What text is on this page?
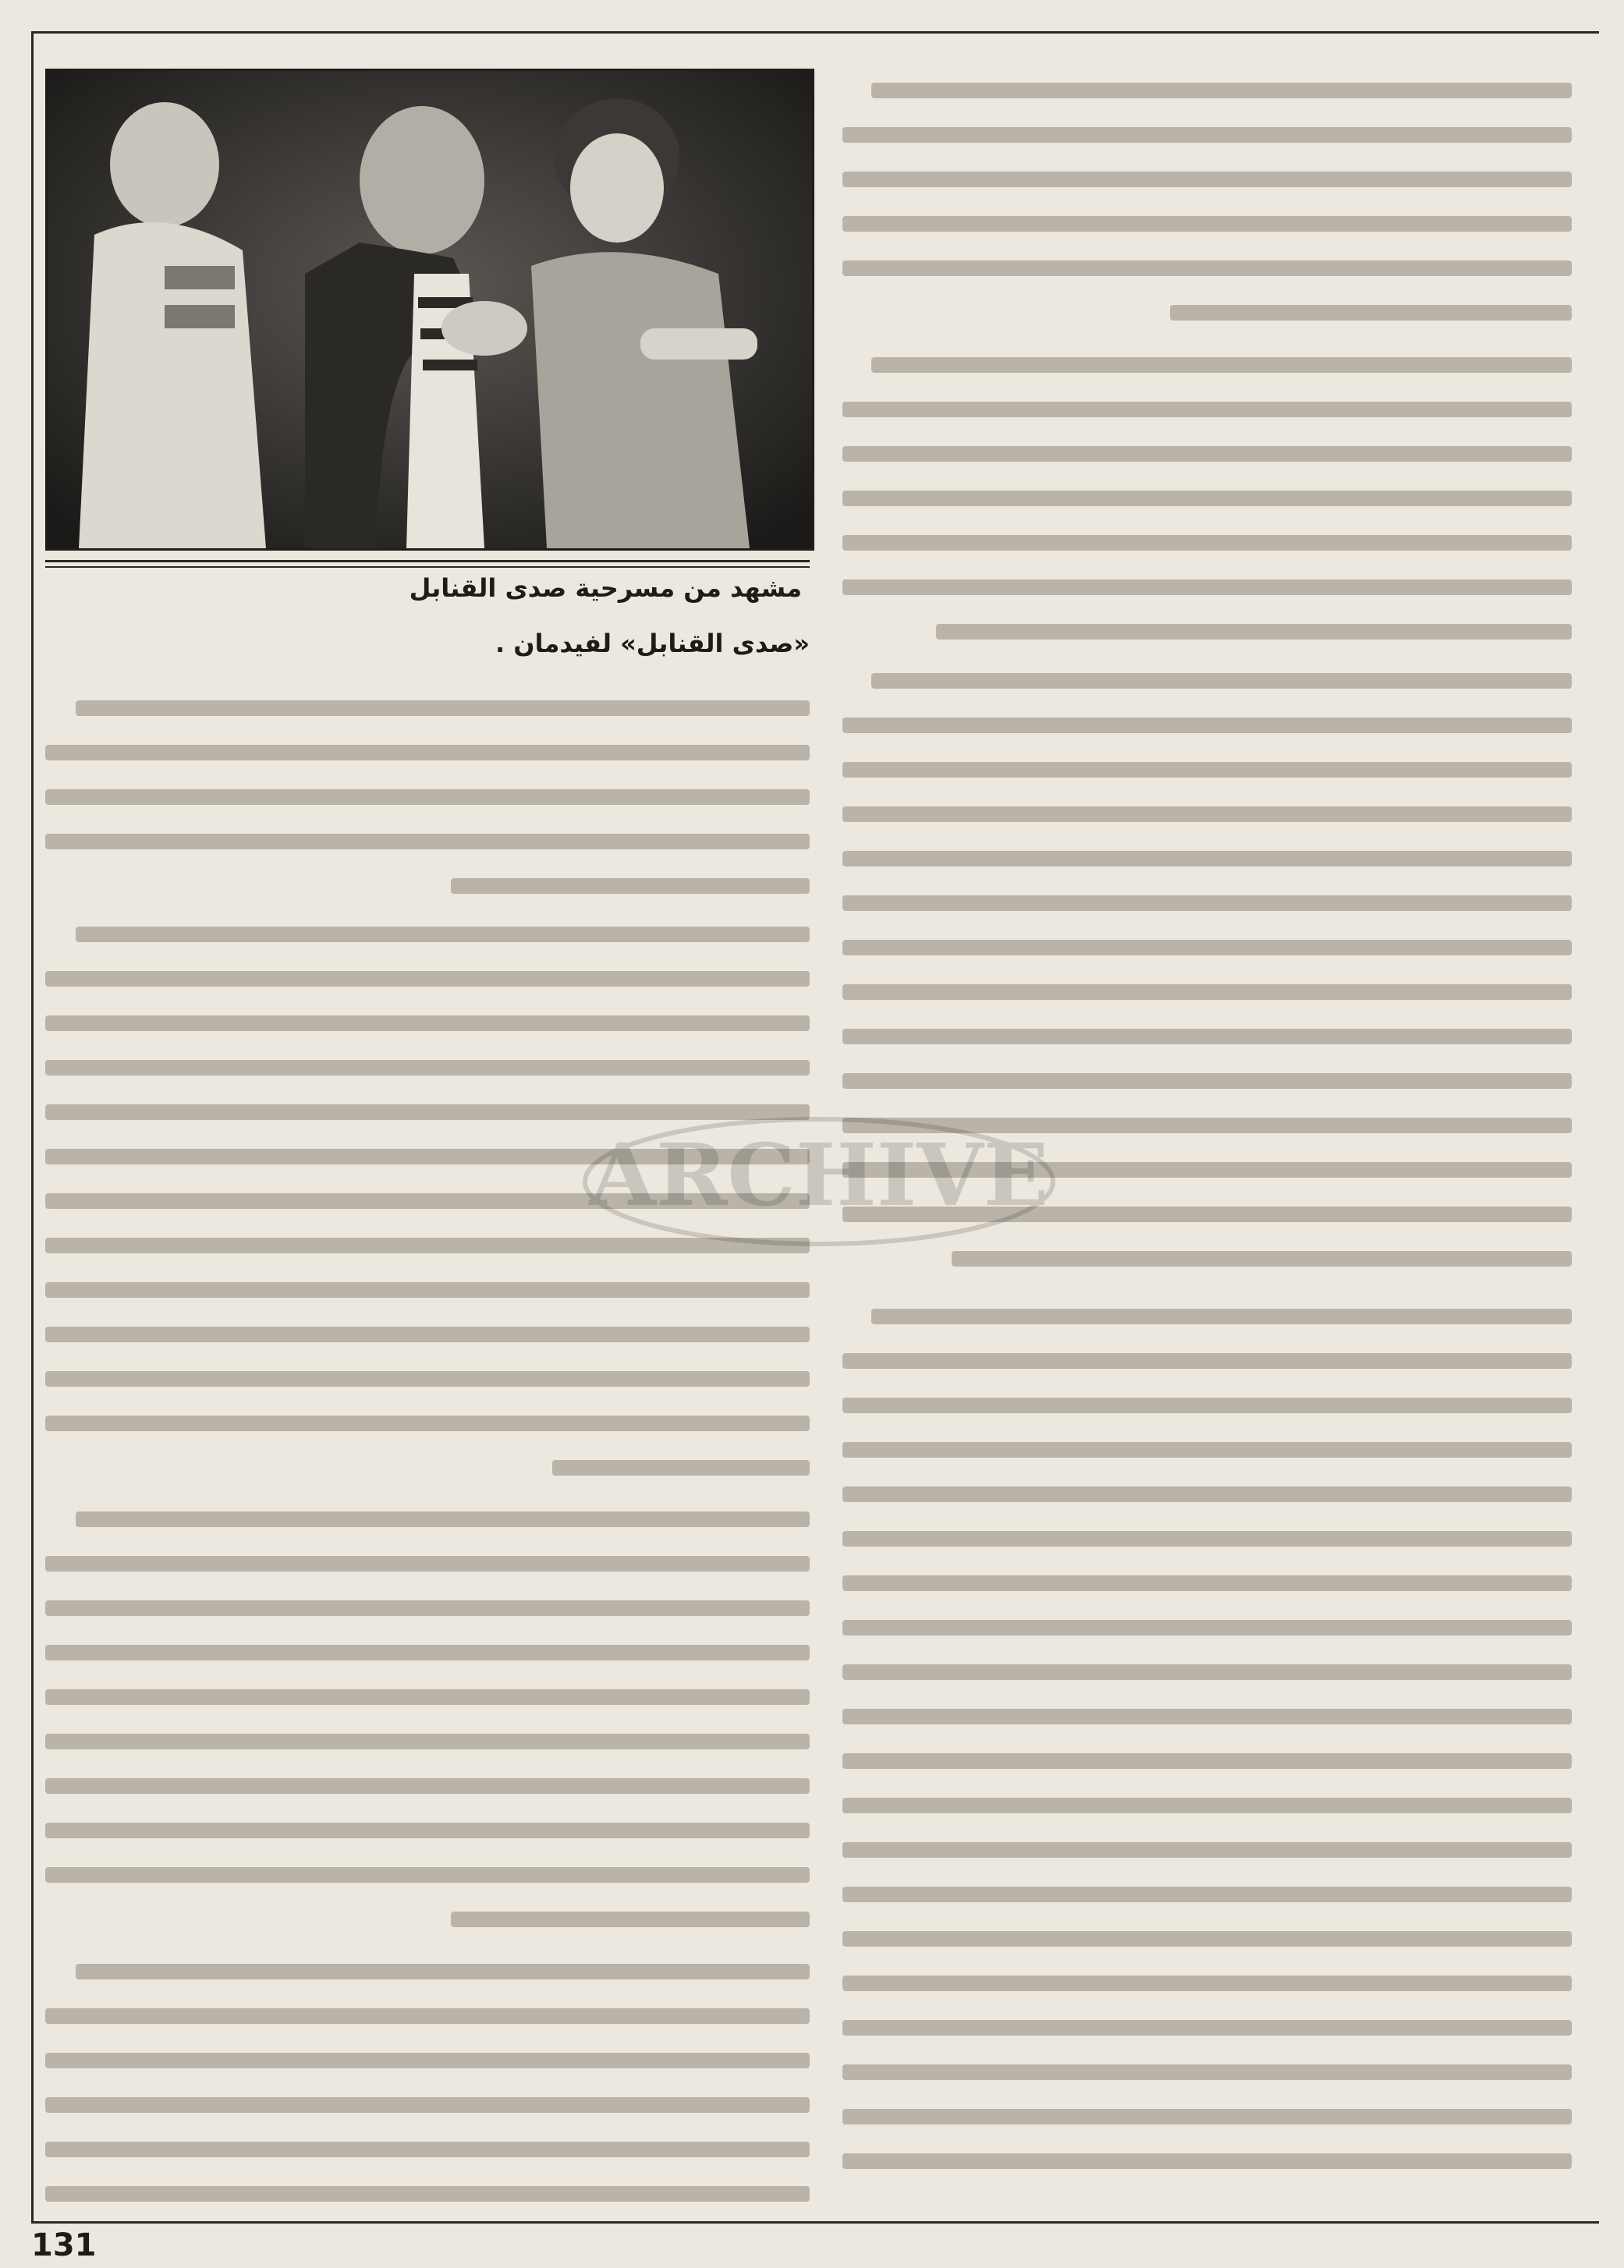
مشهد من مسرحية صدى القنابل
«صدى القنابل» لفيدمان .
ARCHIVE
131
